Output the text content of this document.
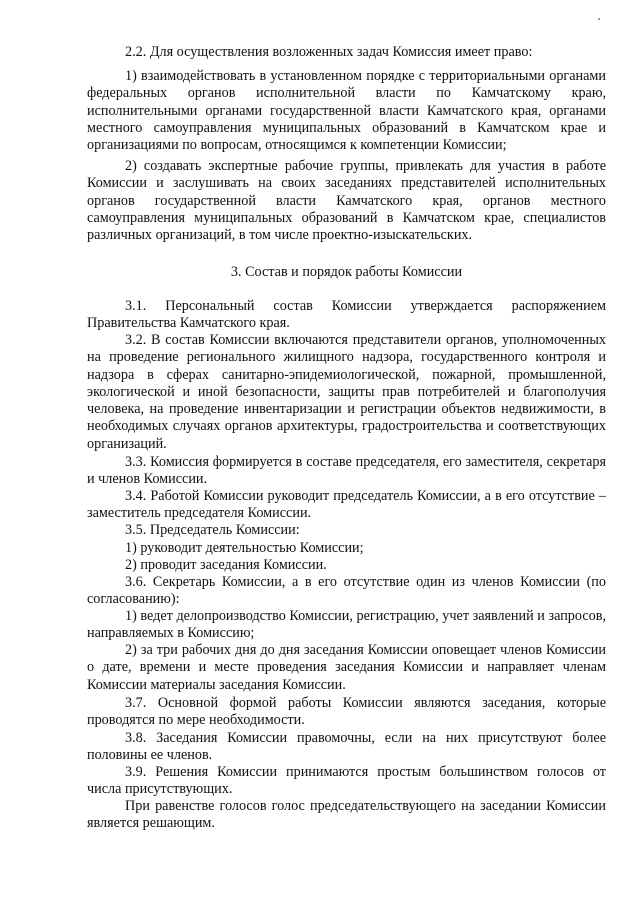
2.2. Для осуществления возложенных задач Комиссия имеет право:

1) взаимодействовать в установленном порядке с территориальными органами федеральных органов исполнительной власти по Камчатскому краю, исполнительными органами государственной власти Камчатского края, органами местного самоуправления муниципальных образований в Камчатском крае и организациями по вопросам, относящимся к компетенции Комиссии;

2) создавать экспертные рабочие группы, привлекать для участия в работе Комиссии и заслушивать на своих заседаниях представителей исполнительных органов государственной власти Камчатского края, органов местного самоуправления муниципальных образований в Камчатском крае, специалистов различных организаций, в том числе проектно-изыскательских.

3. Состав и порядок работы Комиссии

3.1. Персональный состав Комиссии утверждается распоряжением Правительства Камчатского края.

3.2. В состав Комиссии включаются представители органов, уполномоченных на проведение регионального жилищного надзора, государственного контроля и надзора в сферах санитарно-эпидемиологической, пожарной, промышленной, экологической и иной безопасности, защиты прав потребителей и благополучия человека, на проведение инвентаризации и регистрации объектов недвижимости, в необходимых случаях органов архитектуры, градостроительства и соответствующих организаций.

3.3. Комиссия формируется в составе председателя, его заместителя, секретаря и членов Комиссии.

3.4. Работой Комиссии руководит председатель Комиссии, а в его отсутствие – заместитель председателя Комиссии.

3.5. Председатель Комиссии:

1) руководит деятельностью Комиссии;

2) проводит заседания Комиссии.

3.6. Секретарь Комиссии, а в его отсутствие один из членов Комиссии (по согласованию):

1) ведет делопроизводство Комиссии, регистрацию, учет заявлений и запросов, направляемых в Комиссию;

2) за три рабочих дня до дня заседания Комиссии оповещает членов Комиссии о дате, времени и месте проведения заседания Комиссии и направляет членам Комиссии материалы заседания Комиссии.

3.7. Основной формой работы Комиссии являются заседания, которые проводятся по мере необходимости.

3.8. Заседания Комиссии правомочны, если на них присутствуют более половины ее членов.

3.9. Решения Комиссии принимаются простым большинством голосов от числа присутствующих.

При равенстве голосов голос председательствующего на заседании Комиссии является решающим.
